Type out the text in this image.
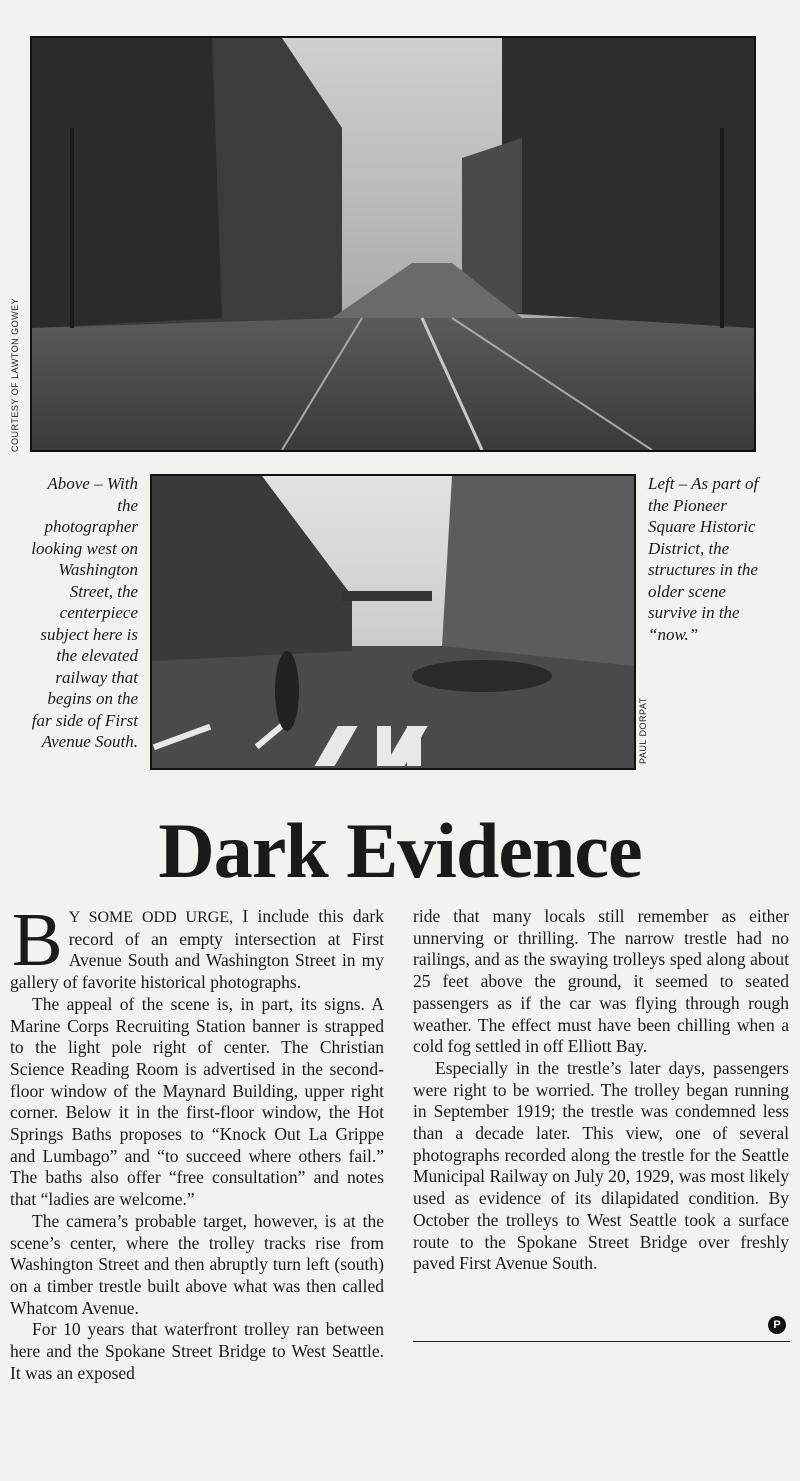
COURTESY OF LAWTON GOWEY
Above – With the photographer looking west on Washington Street, the centerpiece subject here is the elevated railway that begins on the far side of First Avenue South.	PAUL DORPAT
Left – As part of the Pioneer Square Historic District, the structures in the older scene survive in the “now.”
Dark Evidence

B Y SOME ODD URGE, I include this dark record of an empty intersection at First Avenue South and Washington Street in my gallery of favorite historical photographs.

The appeal of the scene is, in part, its signs. A Marine Corps Recruiting Station banner is strapped to the light pole right of center. The Christian Science Reading Room is advertised in the second-floor window of the Maynard Building, upper right corner. Below it in the first-floor window, the Hot Springs Baths proposes to “Knock Out La Grippe and Lumbago” and “to succeed where others fail.” The baths also offer “free consultation” and notes that “ladies are welcome.”

The camera’s probable target, however, is at the scene’s center, where the trolley tracks rise from Washington Street and then abruptly turn left (south) on a timber trestle built above what was then called Whatcom Avenue.

For 10 years that waterfront trolley ran between here and the Spokane Street Bridge to West Seattle. It was an exposed

ride that many locals still remember as either unnerving or thrilling. The narrow trestle had no railings, and as the swaying trolleys sped along about 25 feet above the ground, it seemed to seated passengers as if the car was flying through rough weather. The effect must have been chilling when a cold fog settled in off Elliott Bay.

Especially in the trestle’s later days, passengers were right to be worried. The trolley began running in September 1919; the trestle was condemned less than a decade later. This view, one of several photographs recorded along the trestle for the Seattle Municipal Railway on July 20, 1929, was most likely used as evidence of its dilapidated condition. By October the trolleys to West Seattle took a surface route to the Spokane Street Bridge over freshly paved First Avenue South.

P
